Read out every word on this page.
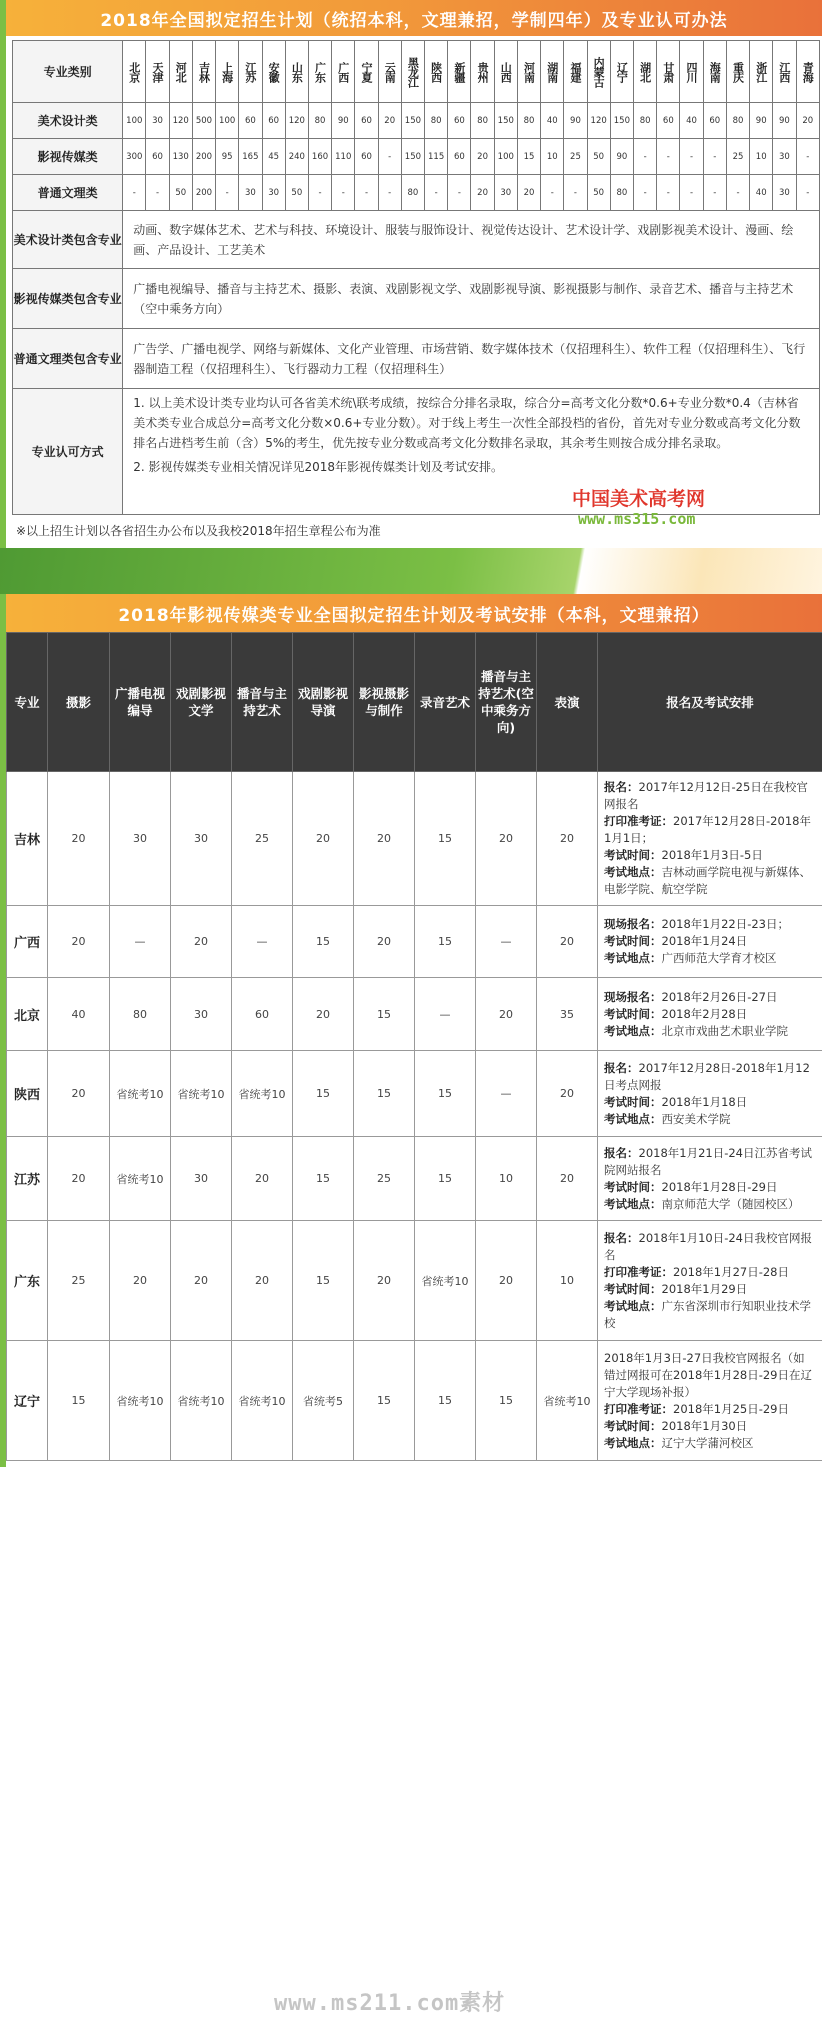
2018年全国拟定招生计划（统招本科，文理兼招，学制四年）及专业认可办法
专业类别	北京	天津	河北	吉林	上海	江苏	安徽	山东	广东	广西	宁夏	云南	黑龙江	陕西	新疆	贵州	山西	河南	湖南	福建	内蒙古	辽宁	湖北	甘肃	四川	海南	重庆	浙江	江西	青海
美术设计类	100	30	120	500	100	60	60	120	80	90	60	20	150	80	60	80	150	80	40	90	120	150	80	60	40	60	80	90	90	20
影视传媒类	300	60	130	200	95	165	45	240	160	110	60	-	150	115	60	20	100	15	10	25	50	90	-	-	-	-	25	10	30	-
普通文理类	-	-	50	200	-	30	30	50	-	-	-	-	80	-	-	20	30	20	-	-	50	80	-	-	-	-	-	40	30	-
美术设计类包含专业	动画、数字媒体艺术、艺术与科技、环境设计、服装与服饰设计、视觉传达设计、艺术设计学、戏剧影视美术设计、漫画、绘画、产品设计、工艺美术																													
影视传媒类包含专业	广播电视编导、播音与主持艺术、摄影、表演、戏剧影视文学、戏剧影视导演、影视摄影与制作、录音艺术、播音与主持艺术（空中乘务方向）																													
普通文理类包含专业	广告学、广播电视学、网络与新媒体、文化产业管理、市场营销、数字媒体技术（仅招理科生）、软件工程（仅招理科生）、飞行器制造工程（仅招理科生）、飞行器动力工程（仅招理科生）																													
专业认可方式	1. 以上美术设计类专业均认可各省美术统\联考成绩，按综合分排名录取，综合分=高考文化分数*0.6+专业分数*0.4（吉林省美术类专业合成总分=高考文化分数×0.6+专业分数）。对于线上考生一次性全部投档的省份，首先对专业分数或高考文化分数排名占进档考生前（含）5%的考生，优先按专业分数或高考文化分数排名录取，其余考生则按合成分排名录取。

2. 影视传媒类专业相关情况详见2018年影视传媒类计划及考试安排。																													

中国美术高考网
www.ms315.com
※以上招生计划以各省招生办公布以及我校2018年招生章程公布为准
2018年影视传媒类专业全国拟定招生计划及考试安排（本科，文理兼招）
专业	摄影	广播电视编导	戏剧影视文学	播音与主持艺术	戏剧影视导演	影视摄影与制作	录音艺术	播音与主持艺术(空中乘务方向)	表演	报名及考试安排
吉林	20	30	30	25	20	20	15	20	20	报名：2017年12月12日-25日在我校官网报名
打印准考证：2017年12月28日-2018年1月1日；
考试时间：2018年1月3日-5日
考试地点：吉林动画学院电视与新媒体、电影学院、航空学院

广西	20	—	20	—	15	20	15	—	20	现场报名：2018年1月22日-23日；
考试时间：2018年1月24日
考试地点：广西师范大学育才校区

北京	40	80	30	60	20	15	—	20	35	现场报名：2018年2月26日-27日
考试时间：2018年2月28日
考试地点：北京市戏曲艺术职业学院

陕西	20	省统考10	省统考10	省统考10	15	15	15	—	20	报名：2017年12月28日-2018年1月12日考点网报
考试时间：2018年1月18日
考试地点：西安美术学院

江苏	20	省统考10	30	20	15	25	15	10	20	报名：2018年1月21日-24日江苏省考试院网站报名
考试时间：2018年1月28日-29日
考试地点：南京师范大学（随园校区）

广东	25	20	20	20	15	20	省统考10	20	10	报名：2018年1月10日-24日我校官网报名
打印准考证：2018年1月27日-28日
考试时间：2018年1月29日
考试地点：广东省深圳市行知职业技术学校

辽宁	15	省统考10	省统考10	省统考10	省统考5	15	15	15	省统考10	2018年1月3日-27日我校官网报名（如错过网报可在2018年1月28日-29日在辽宁大学现场补报）
打印准考证：2018年1月25日-29日
考试时间：2018年1月30日
考试地点：辽宁大学蒲河校区
www.ms211.com素材
